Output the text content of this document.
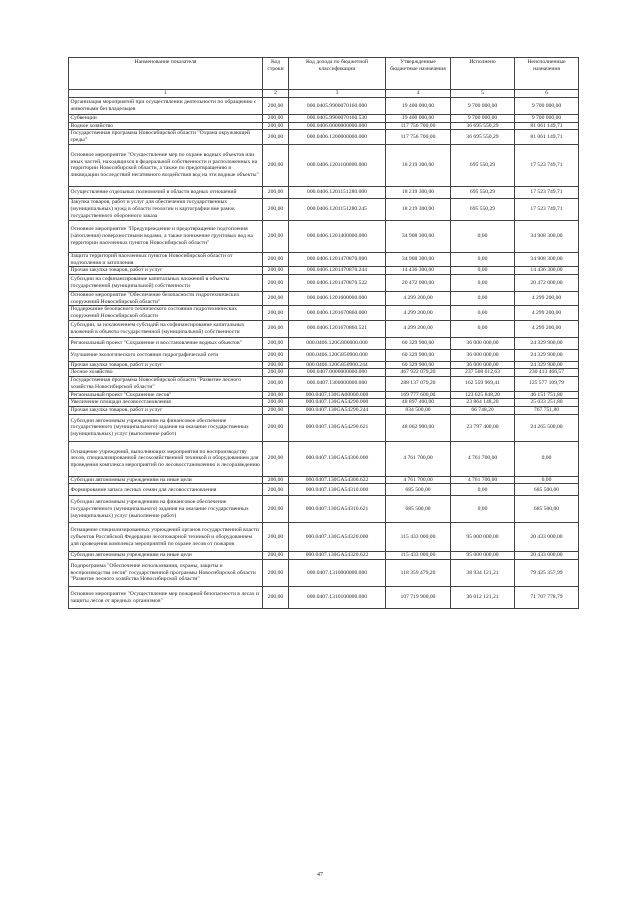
Наименование показателя	Код строки	Код дохода по бюджетной классификации	Утвержденные бюджетные назначения	Исполнено	Неисполненные назначения
1	2	3	4	5	6
Организация мероприятий при осуществлении деятельности по обращению с животными без владельцев	200,00	000.0405.9900070160.000	19 400 000,00	9 700 000,00	9 700 000,00
Субвенции	200,00	000.0405.9900070160.530	19 400 000,00	9 700 000,00	9 700 000,00
Водное хозяйство	200,00	000.0406.0000000000.000	117 756 700,00	36 695 550,29	81 061 149,71
Государственная программа Новосибирской области "Охрана окружающей среды"	200,00	000.0406.1200000000.000	117 756 700,00	36 695 550,29	81 061 149,71
Основное мероприятие "Осуществление мер по охране водных объектов или иных частей, находящихся в федеральной собственности и расположенных на территории Новосибирской области, а также по предотвращению и ликвидации последствий негативного воздействия вод на эти водные объекты"	200,00	000.0406.1201100000.000	18 219 300,00	695 550,29	17 523 749,71
Осуществление отдельных полномочий в области водных отношений	200,00	000.0406.1201151280.000	18 219 300,00	695 550,29	17 523 749,71
Закупка товаров, работ и услуг для обеспечения государственных (муниципальных) нужд в области геологии и картографии вне рамок государственного оборонного заказа	200,00	000.0406.1201151280.245	18 219 300,00	695 550,29	17 523 749,71
Основное мероприятие "Предупреждение и предотвращение подтопления (затопления) поверхностными водами, а также понижение грунтовых вод на территории населенных пунктов Новосибирской области"	200,00	000.0406.1201400000.000	34 908 300,00	0,00	34 908 300,00
Защита территорий населенных пунктов Новосибирской области от подтопления и затопления	200,00	000.0406.1201470870.000	34 908 300,00	0,00	34 908 300,00
Прочая закупка товаров, работ и услуг	200,00	000.0406.1201470870.244	14 436 300,00	0,00	14 436 300,00
Субсидии на софинансирование капитальных вложений в объекты государственной (муниципальной) собственности	200,00	000.0406.1201470870.522	20 472 000,00	0,00	20 472 000,00
Основное мероприятие "Обеспечение безопасности гидротехнических сооружений Новосибирской области"	200,00	000.0406.1201600000.000	4 299 200,00	0,00	4 299 200,00
Поддержание безопасного технического состояния гидротехнических сооружений Новосибирской области	200,00	000.0406.1201670860.000	4 299 200,00	0,00	4 299 200,00
Субсидии, за исключением субсидий на софинансирование капитальных вложений в объекты государственной (муниципальной) собственности	200,00	000.0406.1201670860.521	4 299 200,00	0,00	4 299 200,00
Региональный проект "Сохранение и восстановление водных объектов"	200,00	000.0406.120G800000.000	60 329 900,00	36 000 000,00	24 329 900,00
Улучшение экологического состояния гидрографической сети	200,00	000.0406.120G850900.000	60 329 900,00	36 000 000,00	24 329 900,00
Прочая закупка товаров, работ и услуг	200,00	000.0406.120G850900.244	60 329 900,00	36 000 000,00	24 329 900,00
Лесное хозяйство	200,00	000.0407.0000000000.000	467 922 079,20	237 508 612,63	230 413 466,57
Государственная программа Новосибирской области "Развитие лесного хозяйства Новосибирской области"	200,00	000.0407.1300000000.000	288 137 079,20	162 559 969,41	125 577 109,79
Региональный проект "Сохранение лесов"	200,00	000.0407.130GA00000.000	169 777 600,00	123 625 848,20	46 151 751,80
Увеличение площади лесовосстановления	200,00	000.0407.130GA54290.000	48 897 400,00	23 864 148,20	25 033 251,80
Прочая закупка товаров, работ и услуг	200,00	000.0407.130GA54290.244	834 500,00	66 748,20	767 751,80
Субсидии автономным учреждениям на финансовое обеспечение государственного (муниципального) задания на оказание государственных (муниципальных) услуг (выполнение работ)	200,00	000.0407.130GA54290.621	48 062 900,00	23 797 400,00	24 265 500,00
Оснащение учреждений, выполняющих мероприятия по воспроизводству лесов, специализированной лесохозяйственной техникой и оборудованием для проведения комплекса мероприятий по лесовосстановлению и лесоразведению	200,00	000.0407.130GA54300.000	4 761 700,00	4 761 700,00	0,00
Субсидии автономным учреждениям на иные цели	200,00	000.0407.130GA54300.622	4 761 700,00	4 761 700,00	0,00
Формирование запаса лесных семян для лесовосстановления	200,00	000.0407.130GA54310.000	685 500,00	0,00	685 500,00
Субсидии автономным учреждениям на финансовое обеспечение государственного (муниципального) задания на оказание государственных (муниципальных) услуг (выполнение работ)	200,00	000.0407.130GA54310.621	685 500,00	0,00	685 500,00
Оснащение специализированных учреждений органов государственной власти субъектов Российской Федерации лесопожарной техникой и оборудованием для проведения комплекса мероприятий по охране лесов от пожаров	200,00	000.0407.130GA54320.000	115 433 000,00	95 000 000,00	20 433 000,00
Субсидии автономным учреждениям на иные цели	200,00	000.0407.130GA54320.622	115 433 000,00	95 000 000,00	20 433 000,00
Подпрограмма "Обеспечение использования, охраны, защиты и воспроизводства лесов" государственной программы Новосибирской области "Развитие лесного хозяйства Новосибирской области"	200,00	000.0407.1310000000.000	118 359 479,20	38 934 121,21	79 425 357,99
Основное мероприятие "Осуществление мер пожарной безопасности в лесах и защиты лесов от вредных организмов"	200,00	000.0407.1310100000.000	107 719 900,00	36 012 121,21	71 707 778,79
47
